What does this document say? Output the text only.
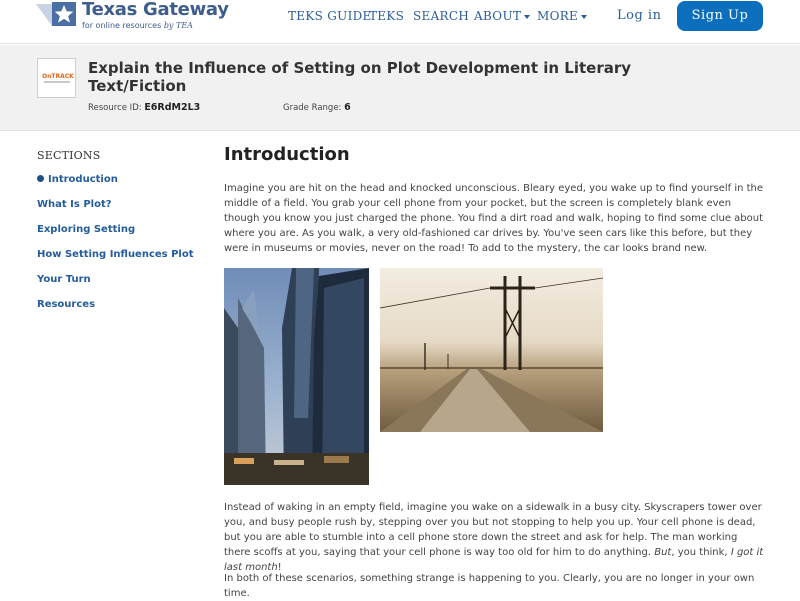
Texas Gateway
for online resources by TEA
TEKS GUIDE
TEKS SEARCH ABOUT	MORE	Log in	Sign Up
OnTRACK Explain the Influence of Setting on Plot Development in Literary Text/Fiction
Resource ID: E6RdM2L3	Grade Range: 6
SECTIONS
Introduction
What Is Plot?
Exploring Setting
How Setting Influences Plot
Your Turn
Resources
Introduction
Imagine you are hit on the head and knocked unconscious. Bleary eyed, you wake up to find yourself in the middle of a field. You grab your cell phone from your pocket, but the screen is completely blank even though you know you just charged the phone. You find a dirt road and walk, hoping to find some clue about where you are. As you walk, a very old-fashioned car drives by. You've seen cars like this before, but they were in museums or movies, never on the road! To add to the mystery, the car looks brand new.
Instead of waking in an empty field, imagine you wake on a sidewalk in a busy city. Skyscrapers tower over you, and busy people rush by, stepping over you but not stopping to help you up. Your cell phone is dead, but you are able to stumble into a cell phone store down the street and ask for help. The man working there scoffs at you, saying that your cell phone is way too old for him to do anything. But, you think, I got it last month!
In both of these scenarios, something strange is happening to you. Clearly, you are no longer in your own time.
